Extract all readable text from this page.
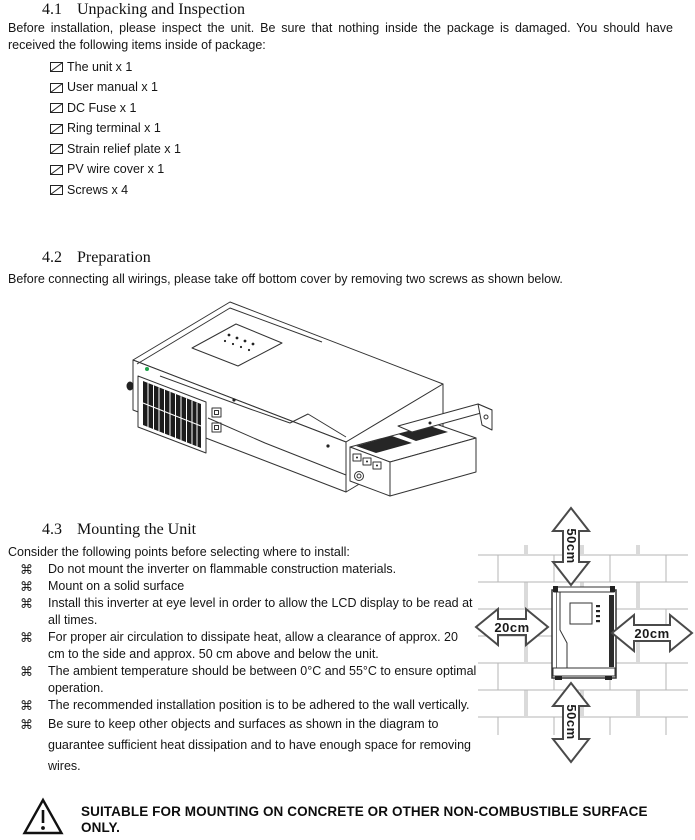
4.1 Unpacking and Inspection
Before installation, please inspect the unit. Be sure that nothing inside the package is damaged. You should have received the following items inside of package:
The unit x 1
User manual x 1
DC Fuse x 1
Ring terminal x 1
Strain relief plate x 1
PV wire cover x 1
Screws x 4
4.2 Preparation
Before connecting all wirings, please take off bottom cover by removing two screws as shown below.
4.3 Mounting the Unit
Consider the following points before selecting where to install:
⌘	Do not mount the inverter on flammable construction materials.
⌘	Mount on a solid surface
⌘	Install this inverter at eye level in order to allow the LCD display to be read at all times.
⌘	For proper air circulation to dissipate heat, allow a clearance of approx. 20 cm to the side and approx. 50 cm above and below the unit.
⌘	The ambient temperature should be between 0°C and 55°C to ensure optimal operation.
⌘	The recommended installation position is to be adhered to the wall vertically.
⌘	Be sure to keep other objects and surfaces as shown in the diagram to guarantee sufficient heat dissipation and to have enough space for removing wires.
50cm
50cm
20cm	20cm
SUITABLE FOR MOUNTING ON CONCRETE OR OTHER NON-COMBUSTIBLE SURFACE ONLY.
